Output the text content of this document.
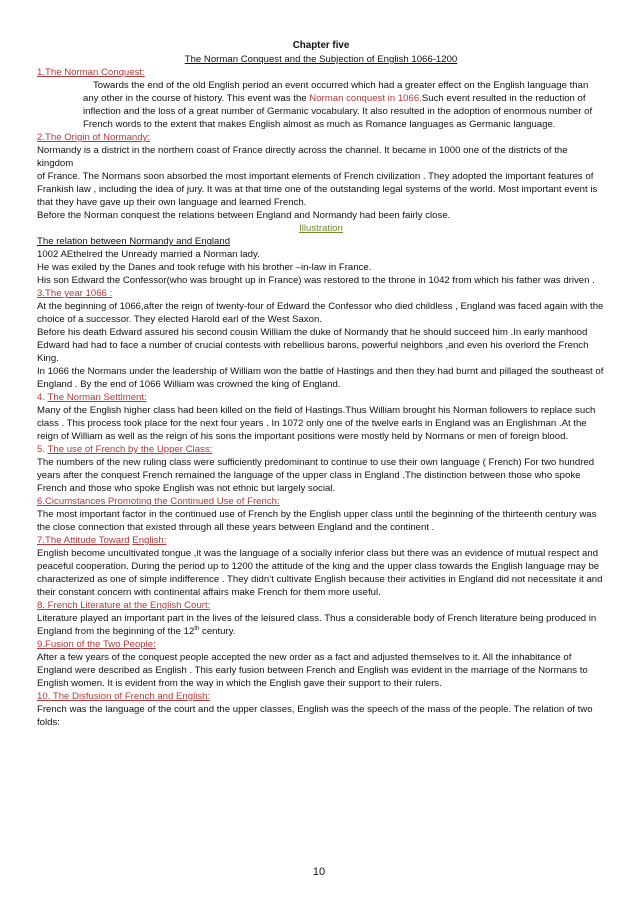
Chapter five

The Norman Conquest and the Subjection of English 1066-1200

1.The Norman Conquest:

Towards the end of the old English period an event occurred which had a greater effect on the English language than any other in the course of history. This event was the Norman conquest in 1066.Such event resulted in the reduction of inflection and the loss of a great number of Germanic vocabulary. It also resulted in the adoption of enormous number of French words to the extent that makes English almost as much as Romance languages as Germanic language.

2.The Origin of Normandy:

Normandy is a district in the northern coast of France directly across the channel. It became in 1000 one of the districts of the kingdom

of France. The Normans soon absorbed the most important elements of French civilization . They adopted the important features of Frankish law , including the idea of jury. It was at that time one of the outstanding legal systems of the world. Most important event is that they have gave up their own language and learned French.

Before the Norman conquest the relations between England and Normandy had been fairly close.

Illustration

The relation between Normandy and England

1002 AEthelred the Unready married a Norman lady.

He was exiled by the Danes and took refuge with his brother –in-law in France.

His son Edward the Confessor(who was brought up in France) was restored to the throne in 1042 from which his father was driven .

3.The year 1066 :

At the beginning of 1066,after the reign of twenty-four of Edward the Confessor who died childless , England was faced again with the choice of a successor. They elected Harold earl of the West Saxon.

Before his death Edward assured his second cousin William the duke of Normandy that he should succeed him .In early manhood Edward had had to face a number of crucial contests with rebellious barons, powerful neighbors ,and even his overlord the French King.

In 1066 the Normans under the leadership of William won the battle of Hastings and then they had burnt and pillaged the southeast of England . By the end of 1066 William was crowned the king of England.

4. The Norman Settlment:

Many of the English higher class had been killed on the field of Hastings.Thus William brought his Norman followers to replace such class . This process took place for the next four years . In 1072 only one of the twelve earls in England was an Englishman .At the reign of William as well as the reign of his sons the important positions were mostly held by Normans or men of foreign blood.

5. The use of French by the Upper Class:

The numbers of the new ruling class were sufficiently predominant to continue to use their own language ( French) For two hundred years after the conquest French remained the language of the upper class in England .The distinction between those who spoke French and those who spoke English was not ethnic but largely social.

6.Cicumstances Promoting the Continued Use of French:

The most important factor in the continued use of French by the English upper class until the beginning of the thirteenth century was the close connection that existed through all these years between England and the continent .

7.The Attitude Toward English:

English become uncultivated tongue ,it was the language of a socially inferior class but there was an evidence of mutual respect and peaceful cooperation. During the period up to 1200 the attitude of the king and the upper class towards the English language may be characterized as one of simple indifference . They didn’t cultivate English because their activities in England did not necessitate it and their constant concern with continental affairs make French for them more useful.

8. French Literature at the English Court:

Literature played an important part in the lives of the leisured class. Thus a considerable body of French literature being produced in England from the beginning of the 12th century.

9.Fusion of the Two People:

After a few years of the conquest people accepted the new order as a fact and adjusted themselves to it. All the inhabitance of England were described as English . This early fusion between French and English was evident in the marriage of the Normans to English women. It is evident from the way in which the English gave their support to their rulers.

10. The Disfusion of French and English:

French was the language of the court and the upper classes, English was the speech of the mass of the people. The relation of two folds:

10
